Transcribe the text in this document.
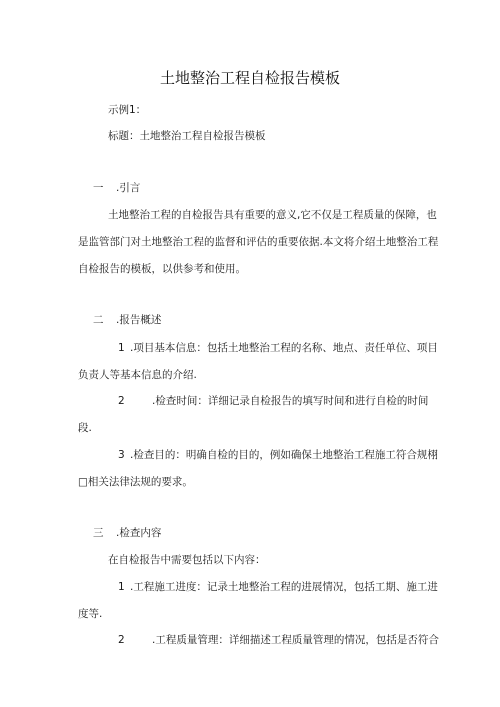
土地整治工程自检报告模板
示例1：
标题：土地整治工程自检报告模板
一 .引言
土地整治工程的自检报告具有重要的意义,它不仅是工程质量的保障，也
是监管部门对土地整治工程的监督和评估的重要依据.本文将介绍土地整治工程
自检报告的模板，以供参考和使用。
二 .报告概述
1 .项目基本信息：包括土地整治工程的名称、地点、责任单位、项目
负责人等基本信息的介绍.
2	.检查时间：详细记录自检报告的填写时间和进行自检的时间
段.
3 .检查目的：明确自检的目的，例如确保土地整治工程施工符合规栩
□相关法律法规的要求。
三 .检查内容
在自检报告中需要包括以下内容：
1 .工程施工进度：记录土地整治工程的进展情况，包括工期、施工进
度等.
2	.工程质量管理：详细描述工程质量管理的情况，包括是否符合
